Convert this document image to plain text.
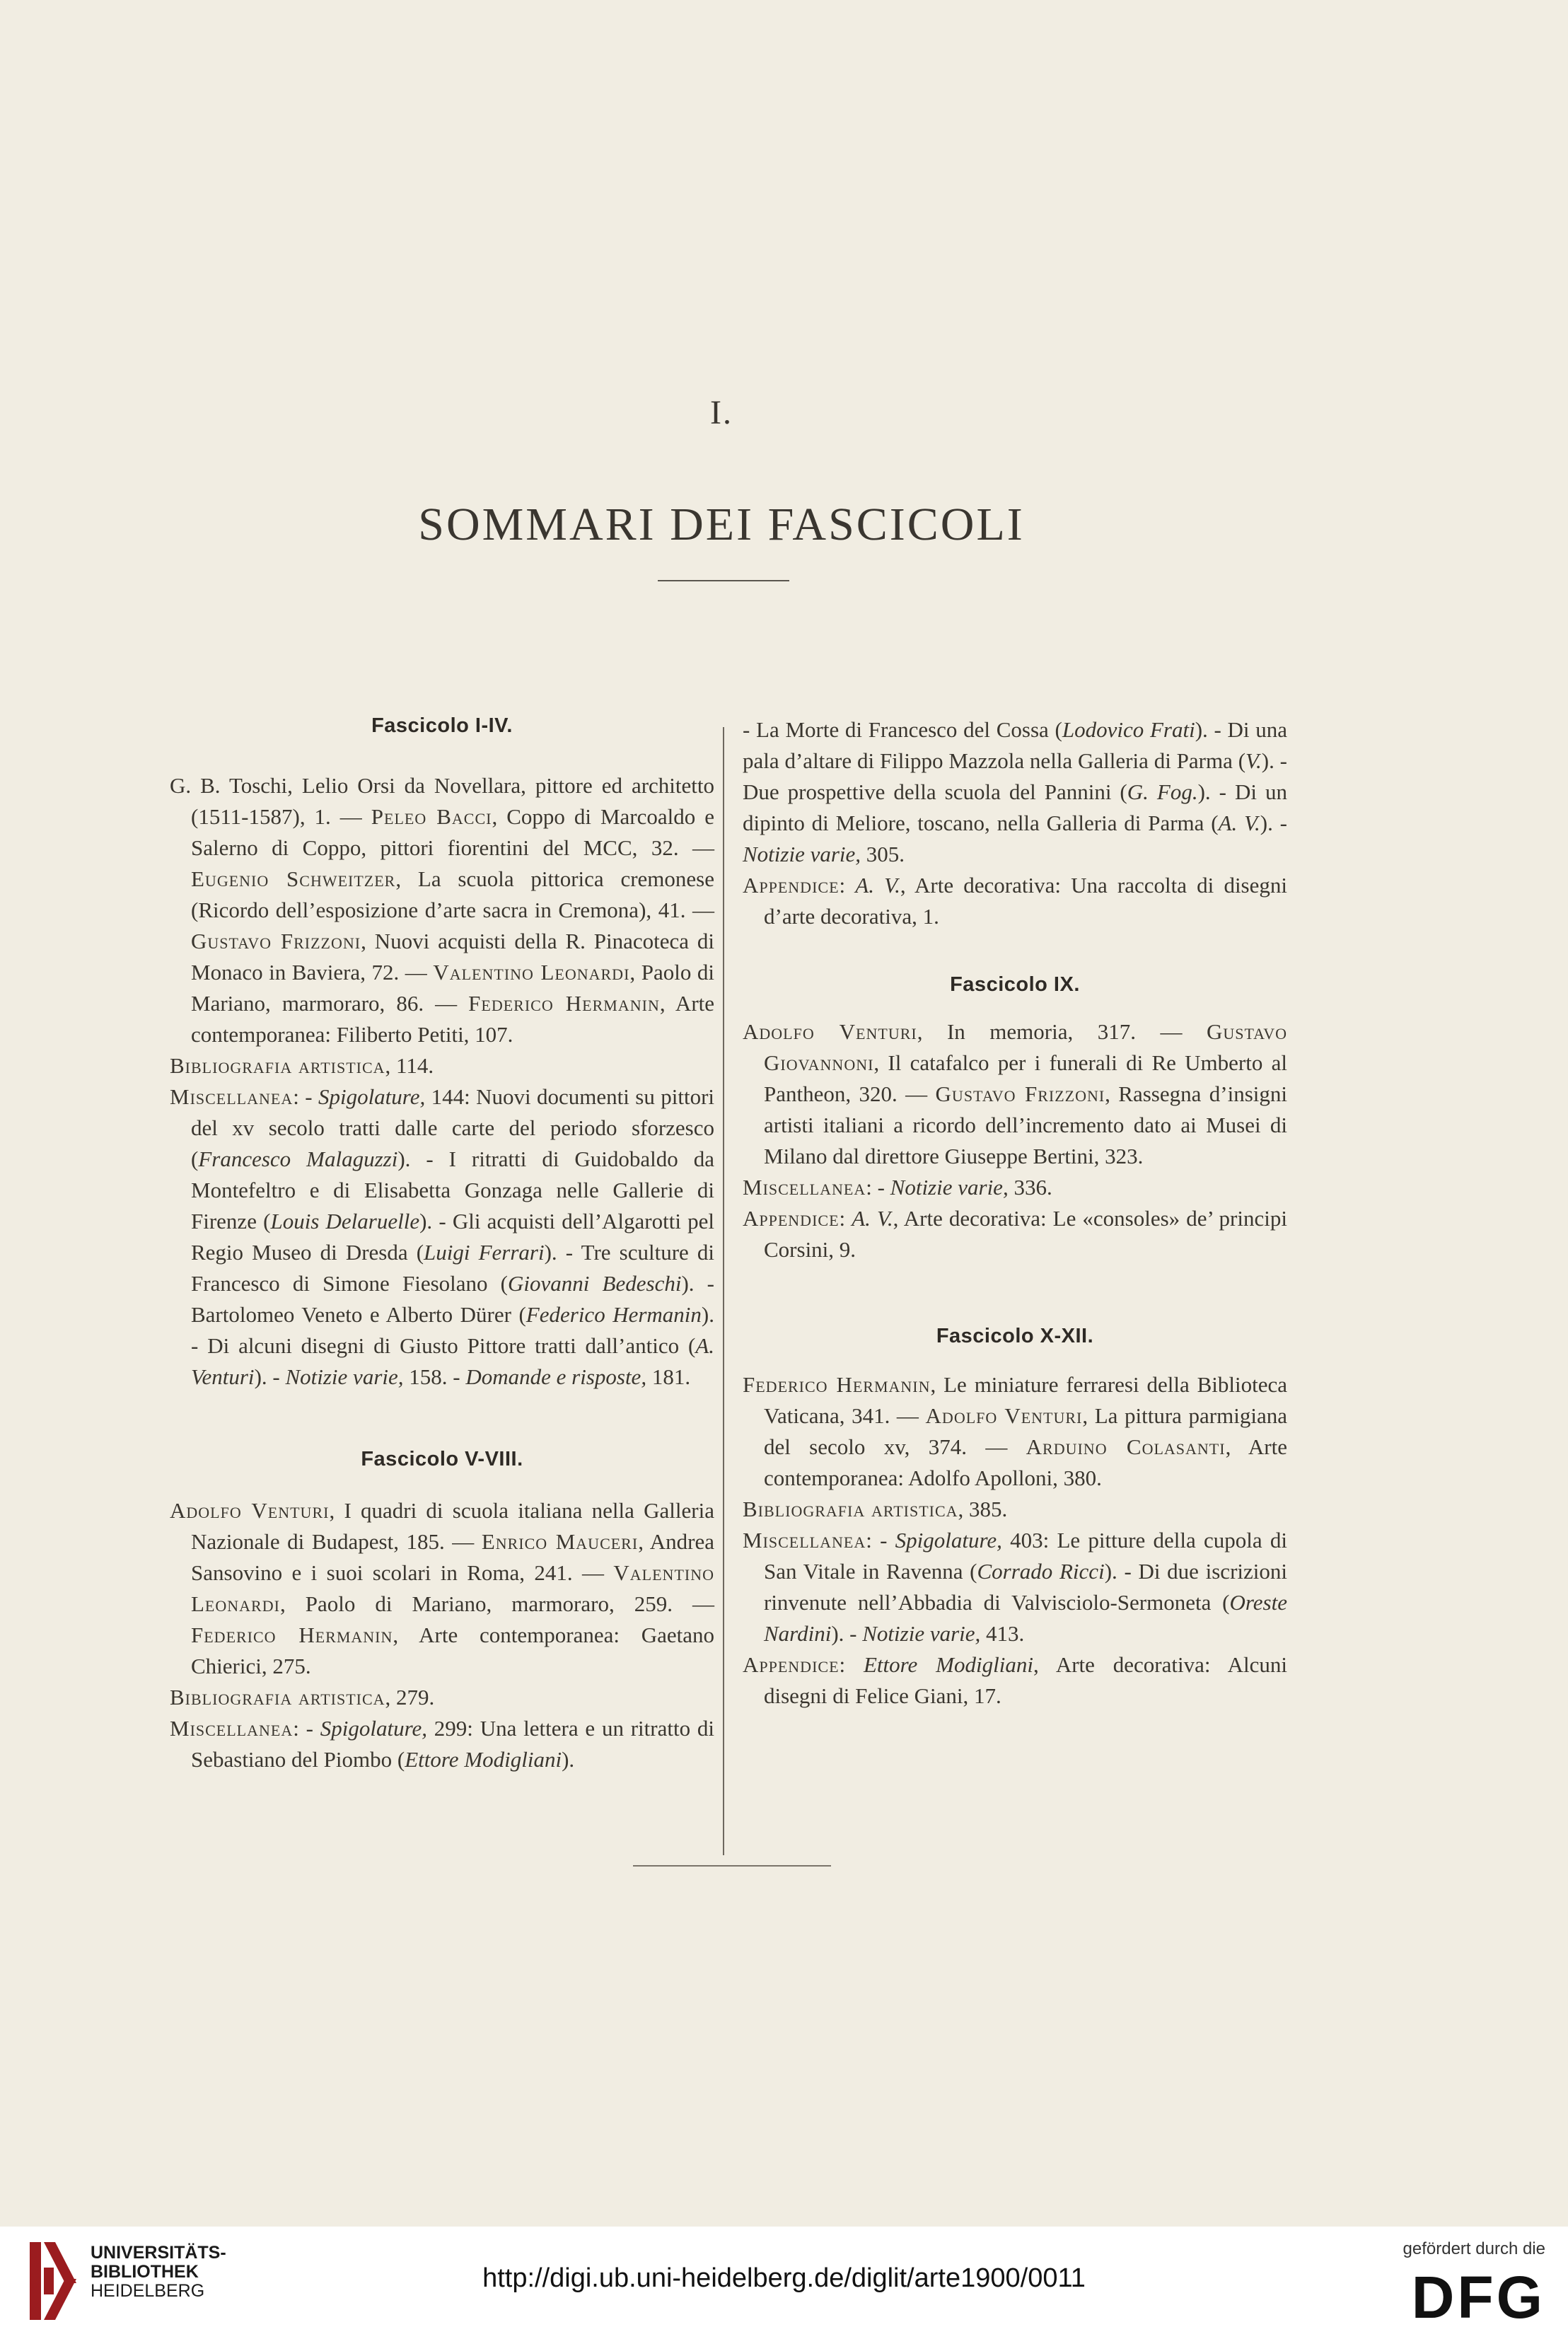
I.
SOMMARI DEI FASCICOLI
Fascicolo I-IV.

G. B. Toschi, Lelio Orsi da Novellara, pittore ed architetto (1511-1587), 1. — Peleo Bacci, Coppo di Marcoaldo e Salerno di Coppo, pittori fiorentini del MCC, 32. — Eugenio Schweitzer, La scuola pittorica cremonese (Ricordo dell’esposizione d’arte sacra in Cremona), 41. — Gustavo Frizzoni, Nuovi acquisti della R. Pinacoteca di Monaco in Baviera, 72. — Valentino Leonardi, Paolo di Mariano, marmoraro, 86. — Federico Hermanin, Arte contemporanea: Filiberto Petiti, 107.

Bibliografia artistica, 114.

Miscellanea: - Spigolature, 144: Nuovi documenti su pittori del xv secolo tratti dalle carte del periodo sforzesco (Francesco Malaguzzi). - I ritratti di Guidobaldo da Montefeltro e di Elisabetta Gonzaga nelle Gallerie di Firenze (Louis Delaruelle). - Gli acquisti dell’Algarotti pel Regio Museo di Dresda (Luigi Ferrari). - Tre sculture di Francesco di Simone Fiesolano (Giovanni Bedeschi). - Bartolomeo Veneto e Alberto Dürer (Federico Hermanin). - Di alcuni disegni di Giusto Pittore tratti dall’antico (A. Venturi). - Notizie varie, 158. - Domande e risposte, 181.

Fascicolo V-VIII.

Adolfo Venturi, I quadri di scuola italiana nella Galleria Nazionale di Budapest, 185. — Enrico Mauceri, Andrea Sansovino e i suoi scolari in Roma, 241. — Valentino Leonardi, Paolo di Mariano, marmoraro, 259. — Federico Hermanin, Arte contemporanea: Gaetano Chierici, 275.

Bibliografia artistica, 279.

Miscellanea: - Spigolature, 299: Una lettera e un ritratto di Sebastiano del Piombo (Ettore Modigliani).

- La Morte di Francesco del Cossa (Lodovico Frati). - Di una pala d’altare di Filippo Mazzola nella Galleria di Parma (V.). - Due prospettive della scuola del Pannini (G. Fog.). - Di un dipinto di Meliore, toscano, nella Galleria di Parma (A. V.). - Notizie varie, 305.

Appendice: A. V., Arte decorativa: Una raccolta di disegni d’arte decorativa, 1.

Fascicolo IX.

Adolfo Venturi, In memoria, 317. — Gustavo Giovannoni, Il catafalco per i funerali di Re Umberto al Pantheon, 320. — Gustavo Frizzoni, Rassegna d’insigni artisti italiani a ricordo dell’incremento dato ai Musei di Milano dal direttore Giuseppe Bertini, 323.

Miscellanea: - Notizie varie, 336.

Appendice: A. V., Arte decorativa: Le «consoles» de’ principi Corsini, 9.

Fascicolo X-XII.

Federico Hermanin, Le miniature ferraresi della Biblioteca Vaticana, 341. — Adolfo Venturi, La pittura parmigiana del secolo xv, 374. — Arduino Colasanti, Arte contemporanea: Adolfo Apolloni, 380.

Bibliografia artistica, 385.

Miscellanea: - Spigolature, 403: Le pitture della cupola di San Vitale in Ravenna (Corrado Ricci). - Di due iscrizioni rinvenute nell’Abbadia di Valvisciolo-Sermoneta (Oreste Nardini). - Notizie varie, 413.

Appendice: Ettore Modigliani, Arte decorativa: Alcuni disegni di Felice Giani, 17.

UNIVERSITÄTS-
BIBLIOTHEK
HEIDELBERG	http://digi.ub.uni-heidelberg.de/diglit/arte1900/0011
gefördert durch die
DFG
